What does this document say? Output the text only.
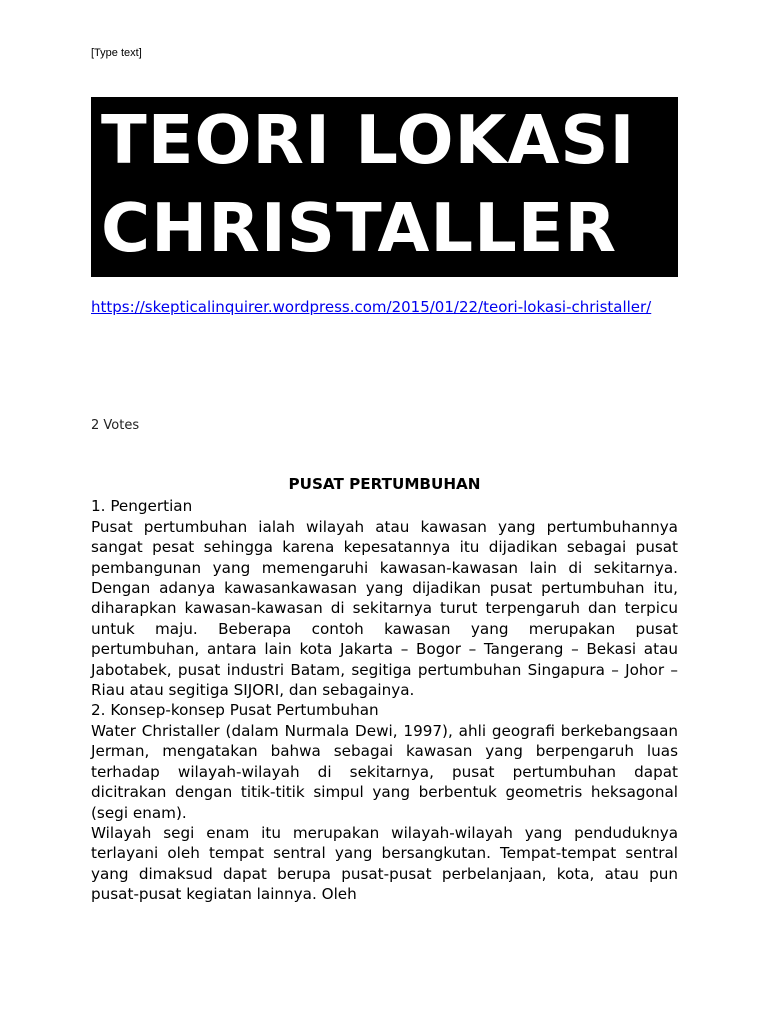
[Type text]
TEORI LOKASI
CHRISTALLER
https://skepticalinquirer.wordpress.com/2015/01/22/teori-lokasi-christaller/
2 Votes

PUSAT PERTUMBUHAN

1. Pengertian

Pusat pertumbuhan ialah wilayah atau kawasan yang pertumbuhannya sangat pesat sehingga karena kepesatannya itu dijadikan sebagai pusat pembangunan yang memengaruhi kawasan-kawasan lain di sekitarnya. Dengan adanya kawasankawasan yang dijadikan pusat pertumbuhan itu, diharapkan kawasan-kawasan di sekitarnya turut terpengaruh dan terpicu untuk maju. Beberapa contoh kawasan yang merupakan pusat pertumbuhan, antara lain kota Jakarta – Bogor – Tangerang – Bekasi atau Jabotabek, pusat industri Batam, segitiga pertumbuhan Singapura – Johor – Riau atau segitiga SIJORI, dan sebagainya.

2. Konsep-konsep Pusat Pertumbuhan

Water Christaller (dalam Nurmala Dewi, 1997), ahli geografi berkebangsaan Jerman, mengatakan bahwa sebagai kawasan yang berpengaruh luas terhadap wilayah-wilayah di sekitarnya, pusat pertumbuhan dapat dicitrakan dengan titik-titik simpul yang berbentuk geometris heksagonal (segi enam).

Wilayah segi enam itu merupakan wilayah-wilayah yang penduduknya terlayani oleh tempat sentral yang bersangkutan. Tempat-tempat sentral yang dimaksud dapat berupa pusat-pusat perbelanjaan, kota, atau pun pusat-pusat kegiatan lainnya. Oleh
